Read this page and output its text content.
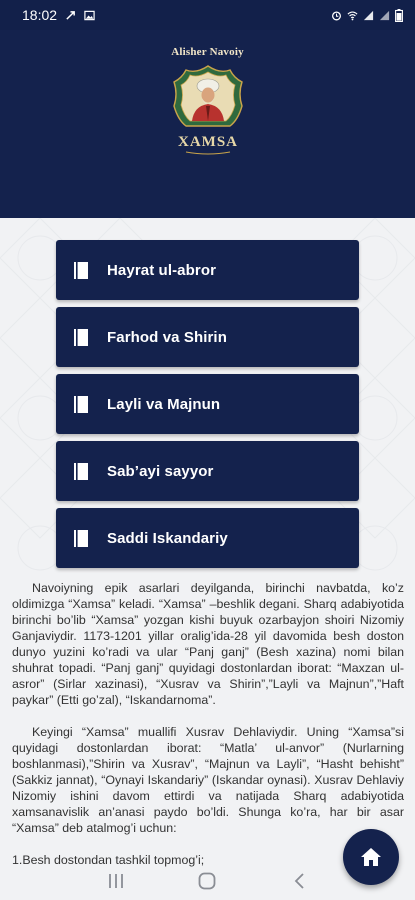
18:02
Alisher Navoiy
XAMSA
Hayrat ul-abror
Farhod va Shirin
Layli va Majnun
Sab’ayi sayyor
Saddi Iskandariy

Navoiyning epik asarlari deyilganda, birinchi navbatda, ko’z oldimizga “Xamsa” keladi. “Xamsa” –beshlik degani. Sharq adabiyotida birinchi bo’lib “Xamsa” yozgan kishi buyuk ozarbayjon shoiri Nizomiy Ganjaviydir. 1173-1201 yillar oralig’ida-28 yil davomida besh doston dunyo yuzini ko’radi va ular “Panj ganj” (Besh xazina) nomi bilan shuhrat topadi. “Panj ganj” quyidagi dostonlardan iborat: “Maxzan ul-asror” (Sirlar xazinasi), “Xusrav va Shirin”,”Layli va Majnun”,”Haft paykar” (Etti go’zal), “Iskandarnoma”.

Keyingi “Xamsa” muallifi Xusrav Dehlaviydir. Uning “Xamsa”si quyidagi dostonlardan iborat: “Matla’ ul-anvor” (Nurlarning boshlanmasi),”Shirin va Xusrav”, “Majnun va Layli”, “Hasht behisht” (Sakkiz jannat), “Oynayi Iskandariy” (Iskandar oynasi). Xusrav Dehlaviy Nizomiy ishini davom ettirdi va natijada Sharq adabiyotida xamsanavislik an’anasi paydo bo’ldi. Shunga ko’ra, har bir asar “Xamsa” deb atalmog’i uchun:

1.Besh dostondan tashkil topmog’i;
